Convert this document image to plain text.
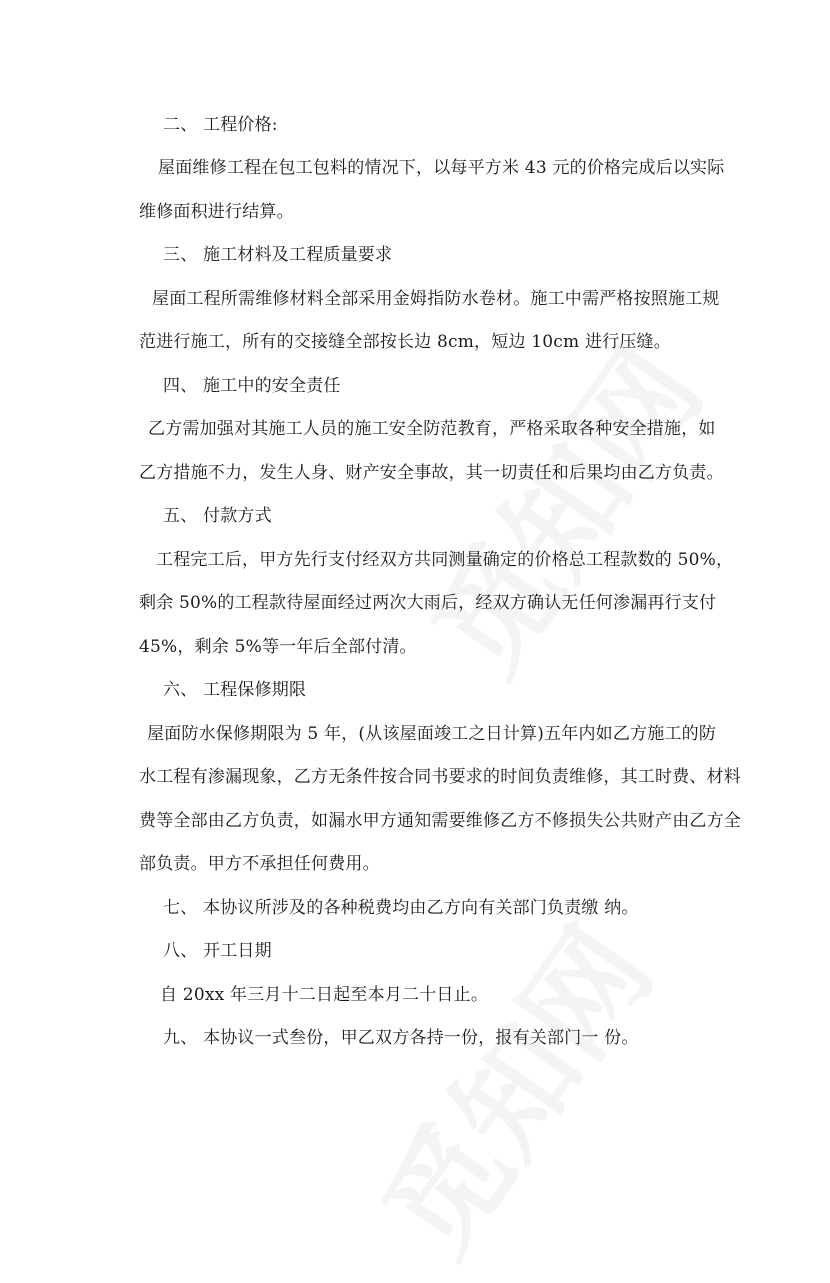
二、 工程价格:
屋面维修工程在包工包料的情况下，以每平方米 43 元的价格完成后以实际
维修面积进行结算。
三、 施工材料及工程质量要求
屋面工程所需维修材料全部采用金姆指防水卷材。施工中需严格按照施工规
范进行施工，所有的交接缝全部按长边 8cm，短边 10cm 进行压缝。
四、 施工中的安全责任
乙方需加强对其施工人员的施工安全防范教育，严格采取各种安全措施，如
乙方措施不力，发生人身、财产安全事故，其一切责任和后果均由乙方负责。
五、 付款方式
工程完工后，甲方先行支付经双方共同测量确定的价格总工程款数的 50%，
剩余 50%的工程款待屋面经过两次大雨后，经双方确认无任何渗漏再行支付
45%，剩余 5%等一年后全部付清。
六、 工程保修期限
屋面防水保修期限为 5 年，(从该屋面竣工之日计算)五年内如乙方施工的防
水工程有渗漏现象，乙方无条件按合同书要求的时间负责维修，其工时费、材料
费等全部由乙方负责，如漏水甲方通知需要维修乙方不修损失公共财产由乙方全
部负责。甲方不承担任何费用。
七、 本协议所涉及的各种税费均由乙方向有关部门负责缴 纳。
八、 开工日期
自 20xx 年三月十二日起至本月二十日止。
九、 本协议一式叁份，甲乙双方各持一份，报有关部门一 份。
